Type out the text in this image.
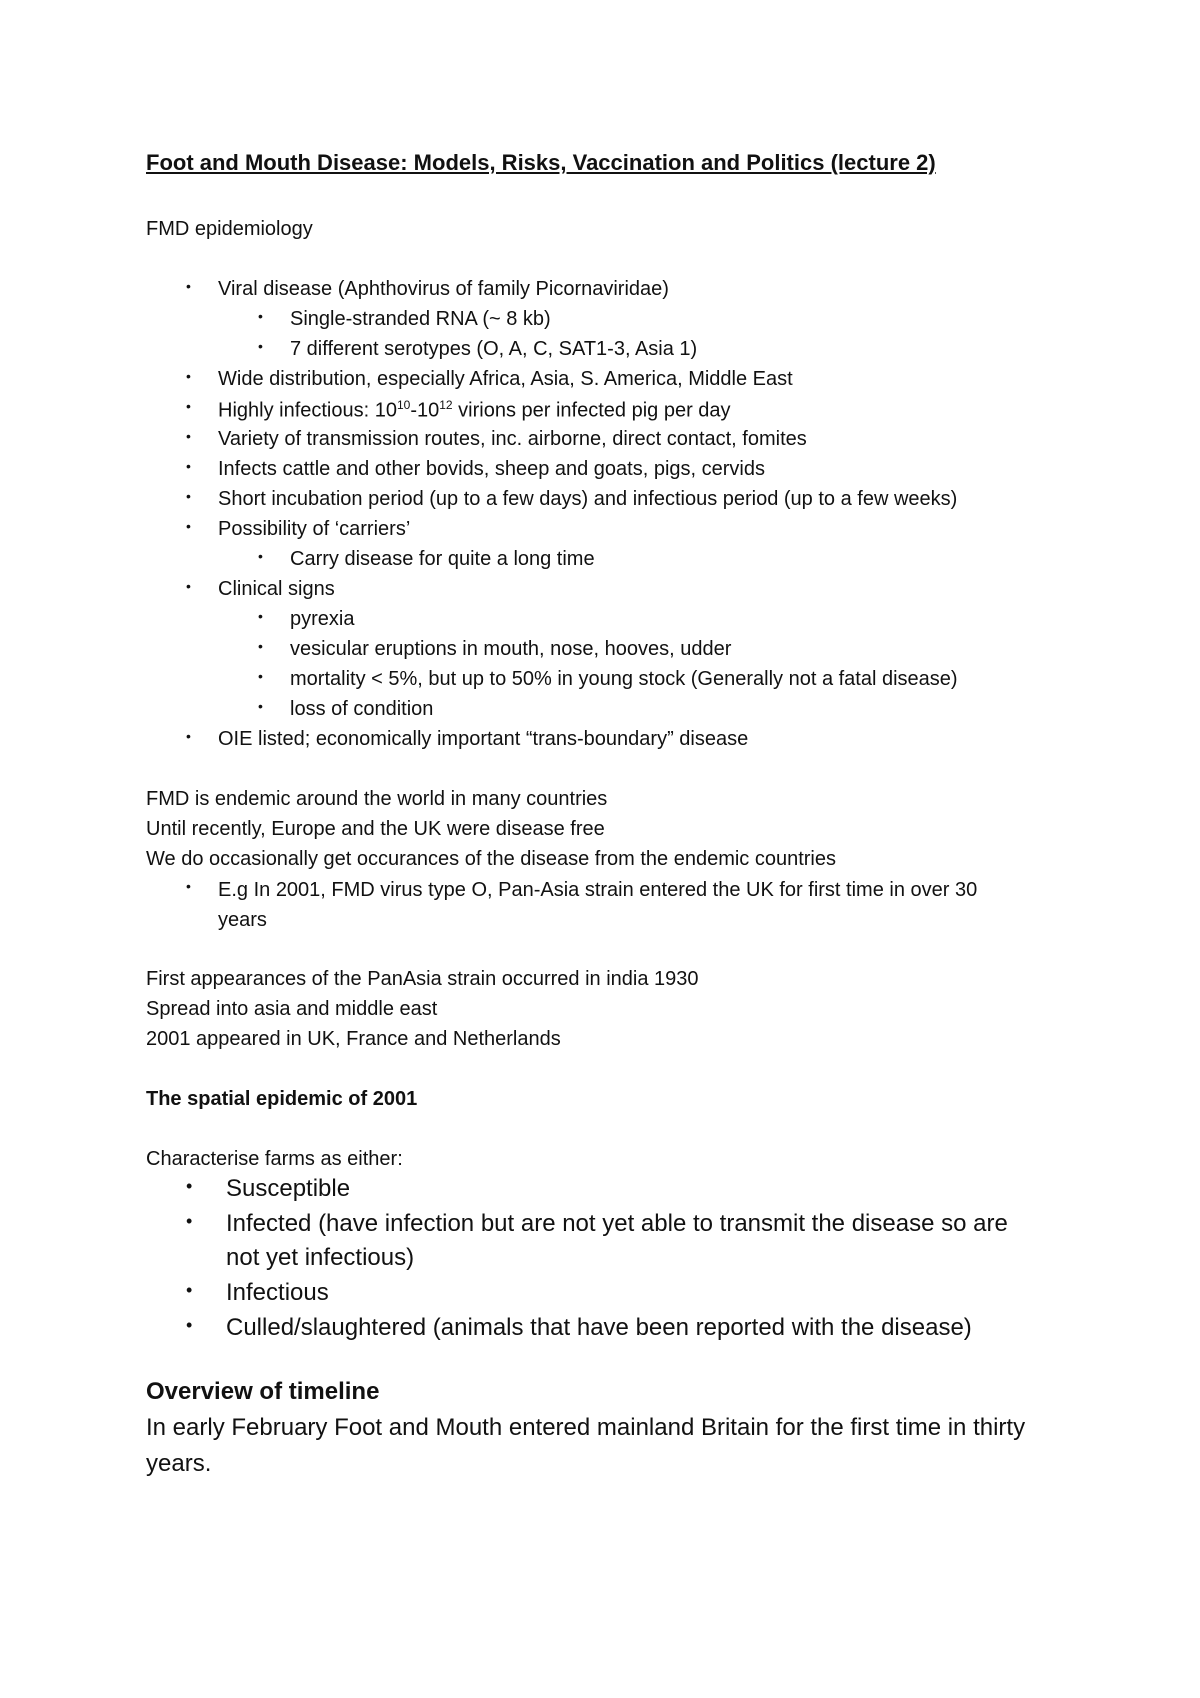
Foot and Mouth Disease: Models, Risks, Vaccination and Politics (lecture 2)
FMD epidemiology
• Viral disease (Aphthovirus of family Picornaviridae)
• Single-stranded RNA (~ 8 kb)
• 7 different serotypes (O, A, C, SAT1-3, Asia 1)
• Wide distribution, especially Africa, Asia, S. America, Middle East
• Highly infectious: $10^{10}-10^{12}$ virions per infected pig per day
• Variety of transmission routes, inc. airborne, direct contact, fomites
• Infects cattle and other bovids, sheep and goats, pigs, cervids
• Short incubation period (up to a few days) and infectious period (up to a few weeks)
• Possibility of ‘carriers’
• Carry disease for quite a long time
• Clinical signs
• pyrexia
• vesicular eruptions in mouth, nose, hooves, udder
• mortality < 5%, but up to 50% in young stock (Generally not a fatal disease)
• loss of condition
• OIE listed; economically important “trans-boundary” disease
FMD is endemic around the world in many countries
Until recently, Europe and the UK were disease free
We do occasionally get occurances of the disease from the endemic countries
• E.g In 2001, FMD virus type O, Pan-Asia strain entered the UK for first time in over 30 years
First appearances of the PanAsia strain occurred in india 1930
Spread into asia and middle east
2001 appeared in UK, France and Netherlands
The spatial epidemic of 2001
Characterise farms as either:
• Susceptible
• Infected (have infection but are not yet able to transmit the disease so are not yet infectious)
• Infectious
• Culled/slaughtered (animals that have been reported with the disease)
Overview of timeline
In early February Foot and Mouth entered mainland Britain for the first time in thirty years.
